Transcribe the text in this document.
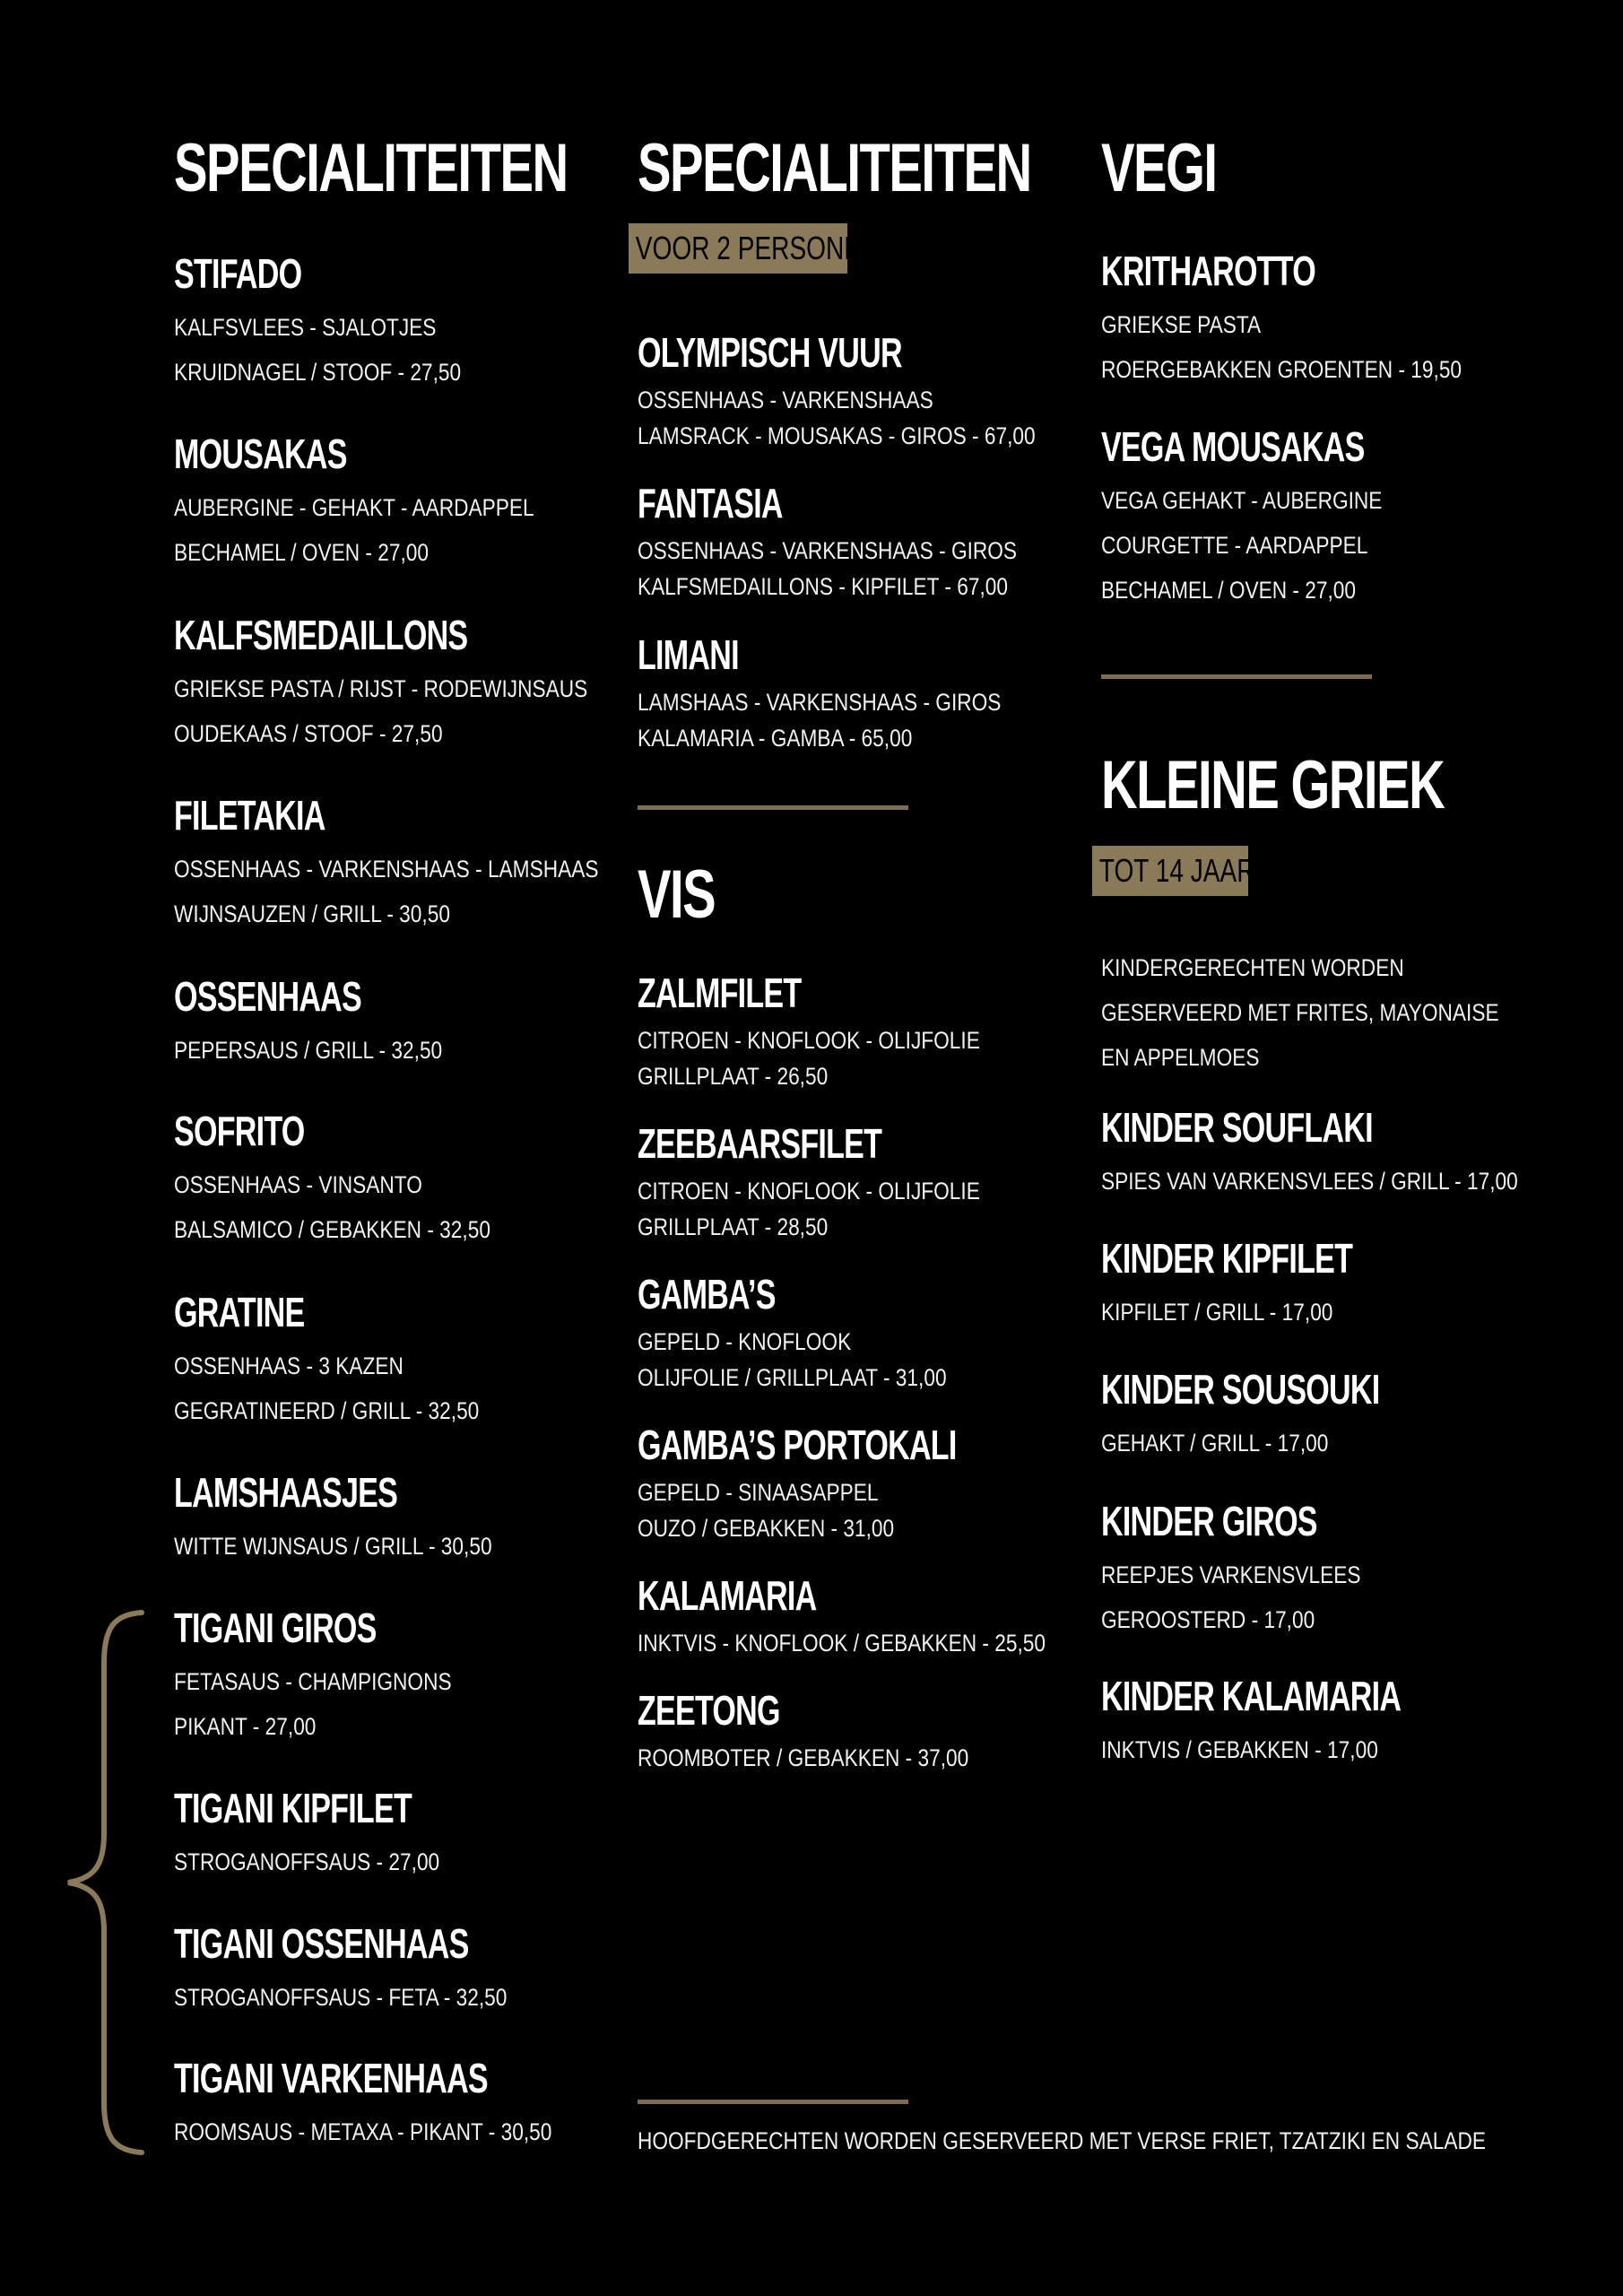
SPECIALITEITEN
STIFADO

KALFSVLEES - SJALOTJES

KRUIDNAGEL / STOOF - 27,50

MOUSAKAS

AUBERGINE - GEHAKT - AARDAPPEL

BECHAMEL / OVEN - 27,00

KALFSMEDAILLONS

GRIEKSE PASTA / RIJST - RODEWIJNSAUS

OUDEKAAS / STOOF - 27,50

FILETAKIA

OSSENHAAS - VARKENSHAAS - LAMSHAAS

WIJNSAUZEN / GRILL - 30,50

OSSENHAAS

PEPERSAUS / GRILL - 32,50

SOFRITO

OSSENHAAS - VINSANTO

BALSAMICO / GEBAKKEN - 32,50

GRATINE

OSSENHAAS - 3 KAZEN

GEGRATINEERD / GRILL - 32,50

LAMSHAASJES

WITTE WIJNSAUS / GRILL - 30,50

TIGANI GIROS

FETASAUS - CHAMPIGNONS

PIKANT - 27,00

TIGANI KIPFILET

STROGANOFFSAUS - 27,00

TIGANI OSSENHAAS

STROGANOFFSAUS - FETA - 32,50

TIGANI VARKENHAAS

ROOMSAUS - METAXA - PIKANT - 30,50

SPECIALITEITEN
VOOR 2 PERSONEN
OLYMPISCH VUUR

OSSENHAAS - VARKENSHAAS

LAMSRACK - MOUSAKAS - GIROS - 67,00

FANTASIA

OSSENHAAS - VARKENSHAAS - GIROS

KALFSMEDAILLONS - KIPFILET - 67,00

LIMANI

LAMSHAAS - VARKENSHAAS - GIROS

KALAMARIA - GAMBA - 65,00

VIS
ZALMFILET

CITROEN - KNOFLOOK - OLIJFOLIE

GRILLPLAAT - 26,50

ZEEBAARSFILET

CITROEN - KNOFLOOK - OLIJFOLIE

GRILLPLAAT - 28,50

GAMBA’S

GEPELD - KNOFLOOK

OLIJFOLIE / GRILLPLAAT - 31,00

GAMBA’S PORTOKALI

GEPELD - SINAASAPPEL

OUZO / GEBAKKEN - 31,00

KALAMARIA

INKTVIS - KNOFLOOK / GEBAKKEN - 25,50

ZEETONG

ROOMBOTER / GEBAKKEN - 37,00

HOOFDGERECHTEN WORDEN GESERVEERD MET VERSE FRIET, TZATZIKI EN SALADE

VEGI
KRITHAROTTO

GRIEKSE PASTA

ROERGEBAKKEN GROENTEN - 19,50

VEGA MOUSAKAS

VEGA GEHAKT - AUBERGINE

COURGETTE - AARDAPPEL

BECHAMEL / OVEN - 27,00

KLEINE GRIEK
TOT 14 JAAR

KINDERGERECHTEN WORDEN

GESERVEERD MET FRITES, MAYONAISE

EN APPELMOES

KINDER SOUFLAKI

SPIES VAN VARKENSVLEES / GRILL - 17,00

KINDER KIPFILET

KIPFILET / GRILL - 17,00

KINDER SOUSOUKI

GEHAKT / GRILL - 17,00

KINDER GIROS

REEPJES VARKENSVLEES

GEROOSTERD - 17,00

KINDER KALAMARIA

INKTVIS / GEBAKKEN - 17,00
